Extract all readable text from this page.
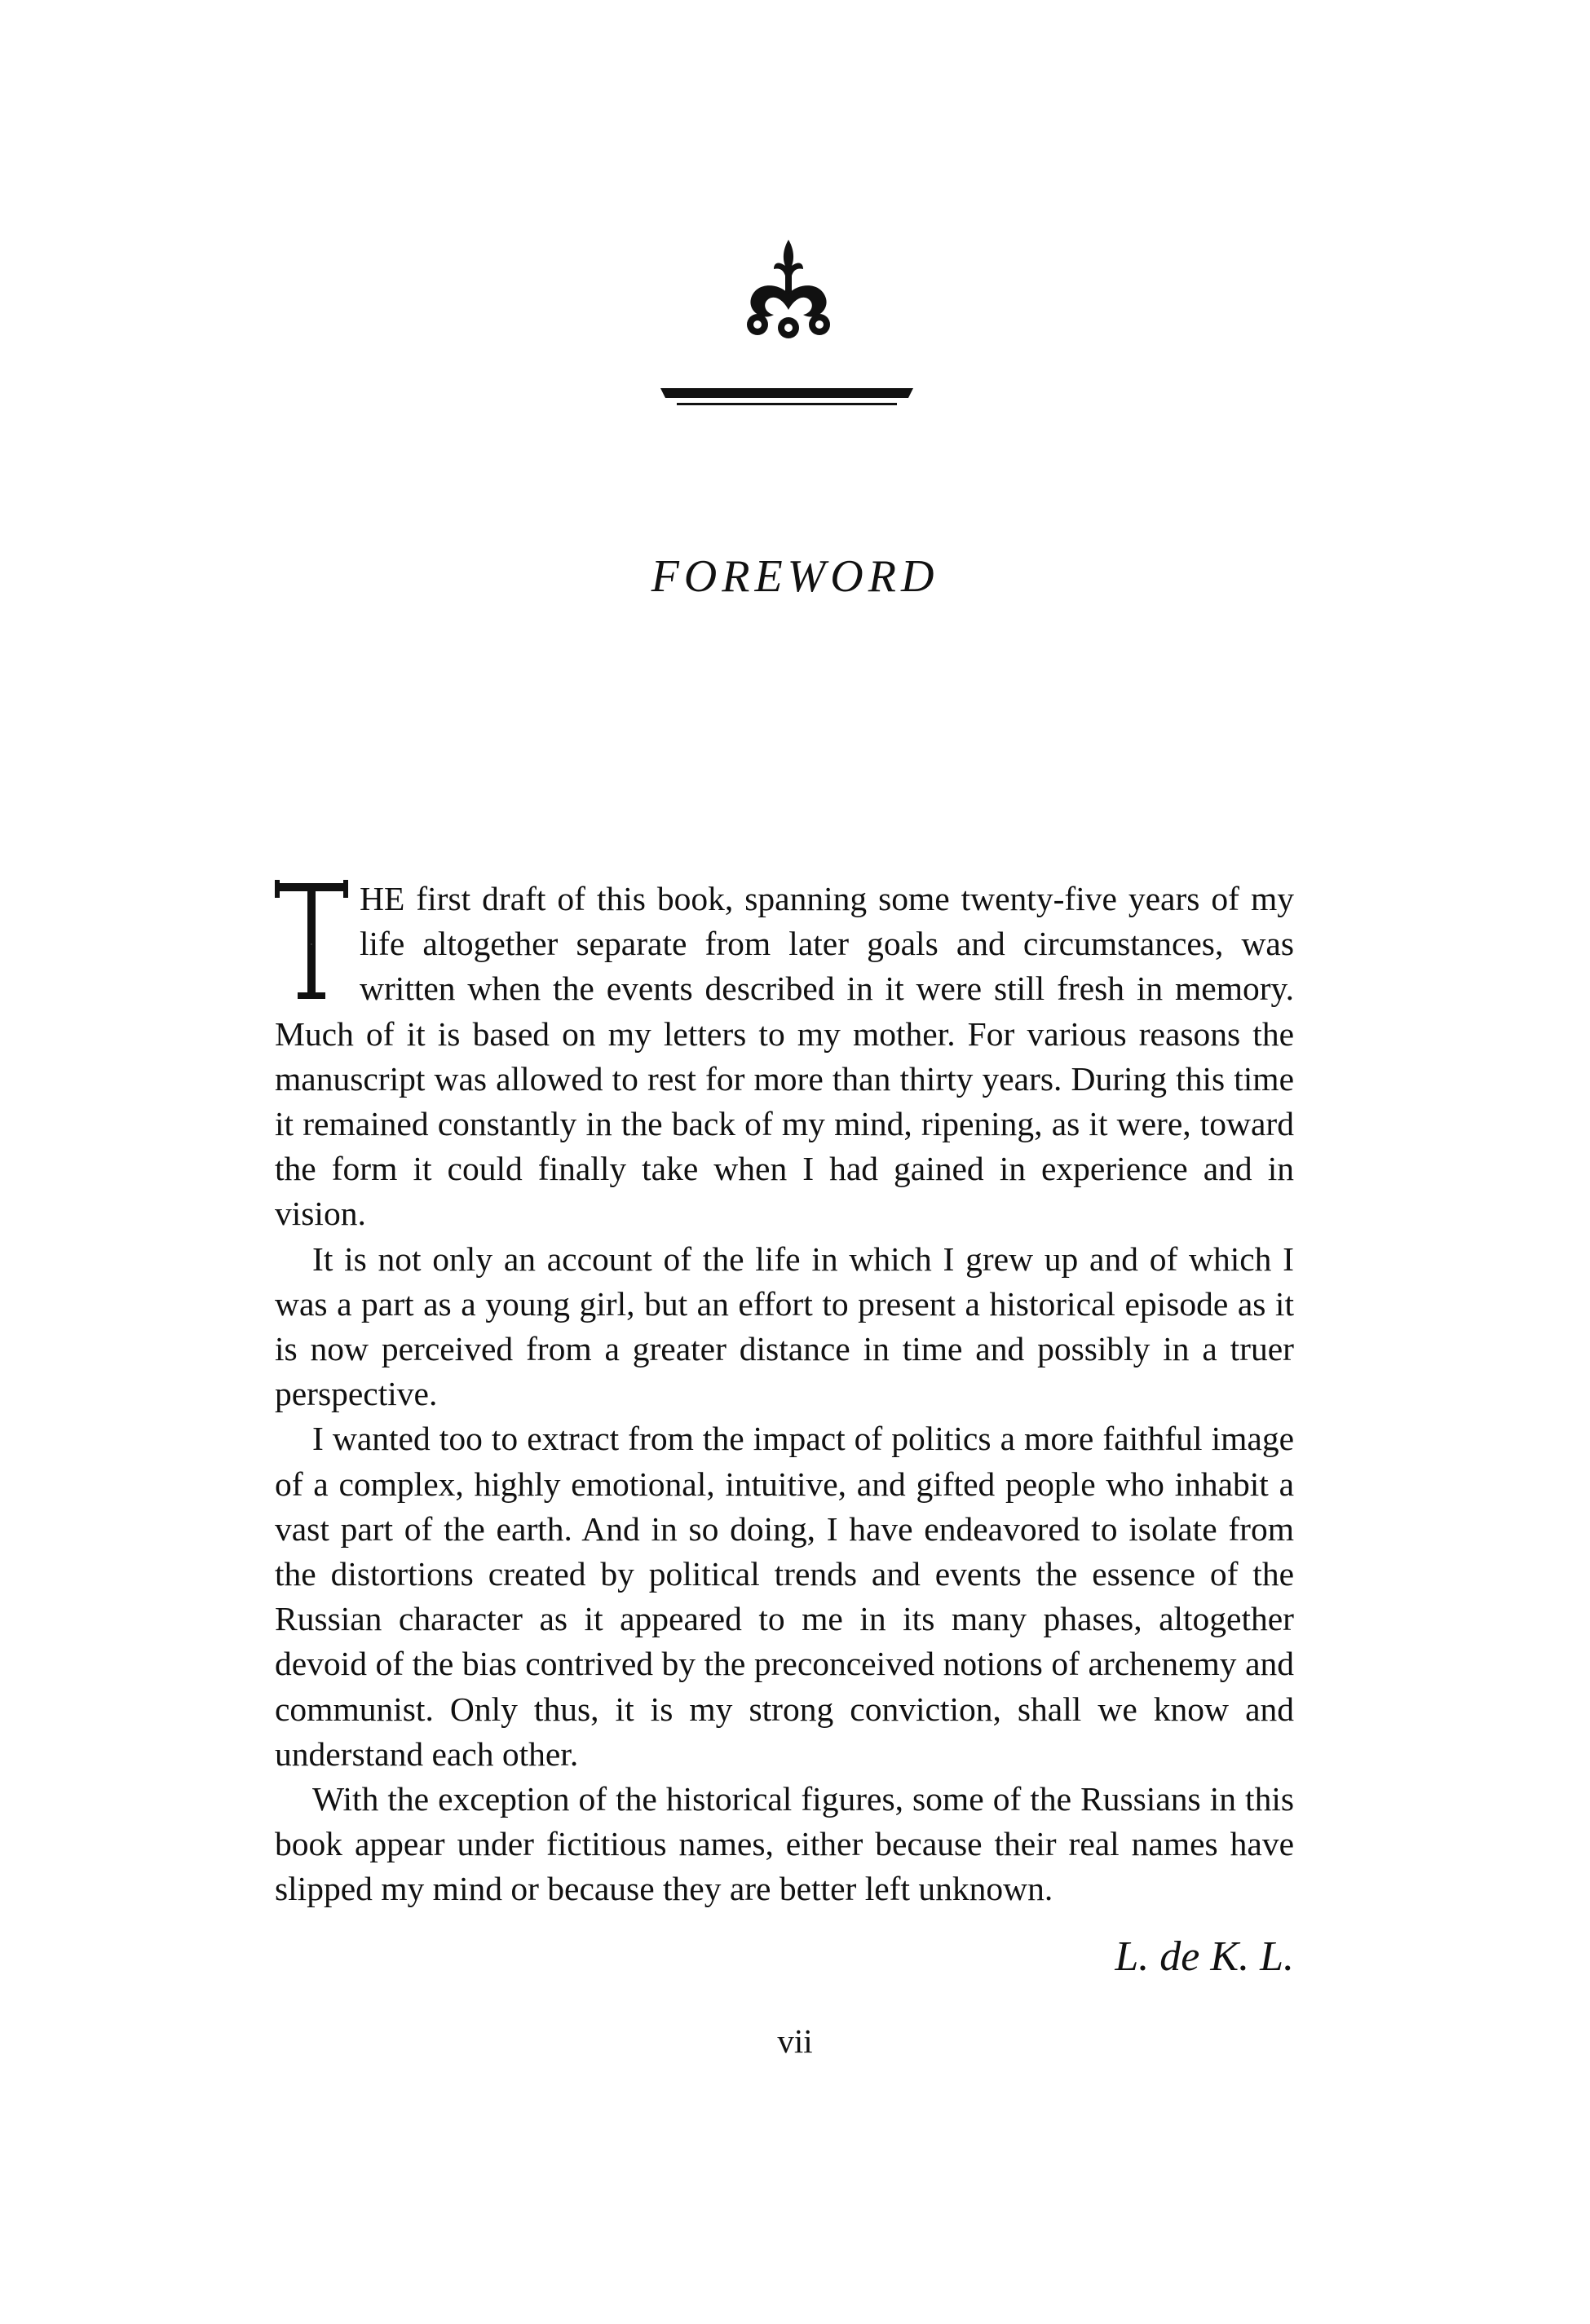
FOREWORD

T
HE first draft of this book, spanning some twenty-five years of my life altogether separate from later goals and circumstances, was written when the events described in it were still fresh in memory. Much of it is based on my letters to my mother. For various reasons the manuscript was allowed to rest for more than thirty years. During this time it remained constantly in the back of my mind, ripening, as it were, toward the form it could finally take when I had gained in experience and in vision.

It is not only an account of the life in which I grew up and of which I was a part as a young girl, but an effort to present a historical episode as it is now perceived from a greater distance in time and possibly in a truer perspective.

I wanted too to extract from the impact of politics a more faithful image of a complex, highly emotional, intuitive, and gifted people who inhabit a vast part of the earth. And in so doing, I have endeavored to isolate from the distortions created by political trends and events the essence of the Russian character as it appeared to me in its many phases, altogether devoid of the bias contrived by the preconceived notions of archenemy and communist. Only thus, it is my strong conviction, shall we know and understand each other.

With the exception of the historical figures, some of the Russians in this book appear under fictitious names, either because their real names have slipped my mind or because they are better left unknown.

L. de K. L.
vii
